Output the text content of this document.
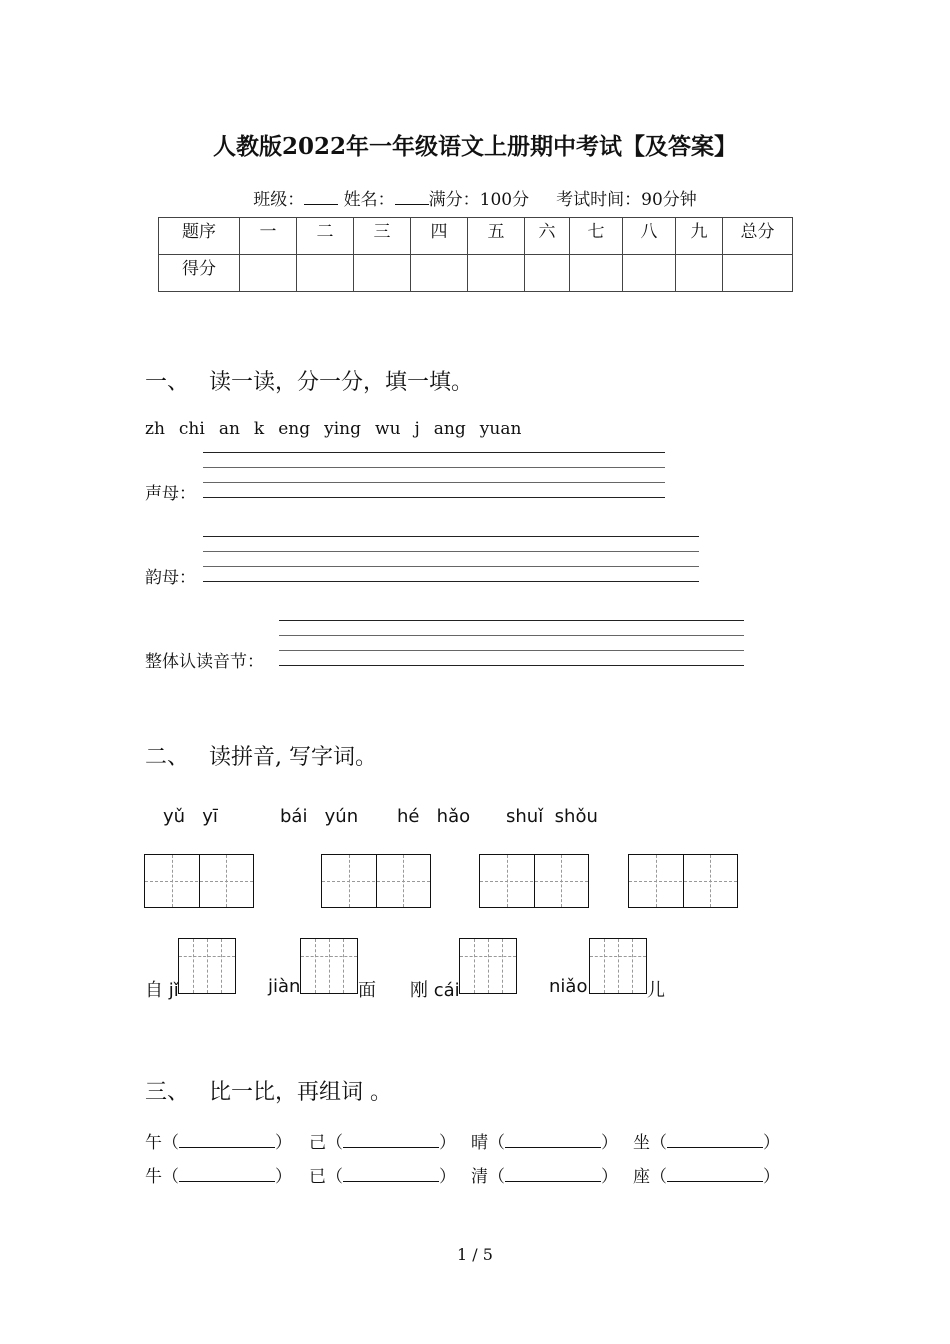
人教版2022年一年级语文上册期中考试【及答案】
班级： 姓名： 满分：100分 考试时间：90分钟
题序	一	二	三	四	五	六	七	八	九	总分
得分										
一、 读一读，分一分，填一填。
zh chi an k eng ying wu j ang yuan
声母：
韵母：
整体认读音节：
二、 读拼音, 写字词。
yǔ yī	bái yún hé hǎo shuǐ shǒu
自 jǐ	jiàn	面 刚 cái	niǎo	儿
三、 比一比，再组词 。
午（	） 己（	） 晴（	） 坐（	）
牛（	） 已（	） 清（	） 座（	）
1 / 5
